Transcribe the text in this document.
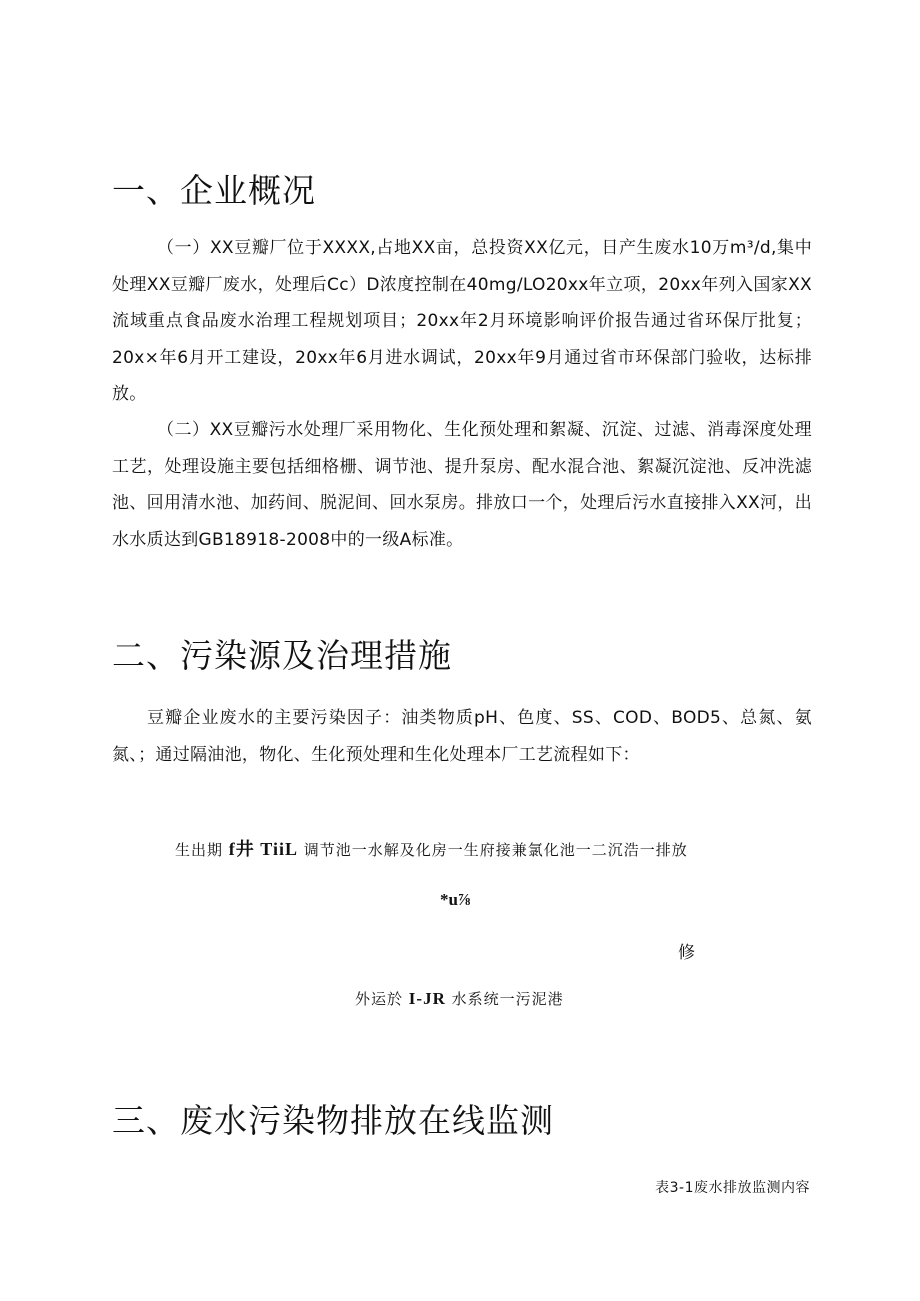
一、企业概况

（一）XX豆瓣厂位于XXXX,占地XX亩，总投资XX亿元，日产生废水10万m³/d,集中处理XX豆瓣厂废水，处理后Cc）D浓度控制在40mg/LO20xx年立项，20xx年列入国家XX流域重点食品废水治理工程规划项目；20xx年2月环境影响评价报告通过省环保厅批复；20x×年6月开工建设，20xx年6月进水调试，20xx年9月通过省市环保部门验收，达标排放。

（二）XX豆瓣污水处理厂采用物化、生化预处理和絮凝、沉淀、过滤、消毒深度处理工艺，处理设施主要包括细格栅、调节池、提升泵房、配水混合池、絮凝沉淀池、反冲洗滤池、回用清水池、加药间、脱泥间、回水泵房。排放口一个，处理后污水直接排入XX河，出水水质达到GB18918-2008中的一级A标准。

二、污染源及治理措施

豆瓣企业废水的主要污染因子：油类物质pH、色度、SS、COD、BOD5、总氮、氨氮、；通过隔油池，物化、生化预处理和生化处理本厂工艺流程如下：

生出期 f井 TiiL 调节池一水解及化房一生府接兼氯化池一二沉浩一排放
*u⅞
修
外运於 I-JR 水系统一污泥港
三、废水污染物排放在线监测
表3-1废水排放监测内容
